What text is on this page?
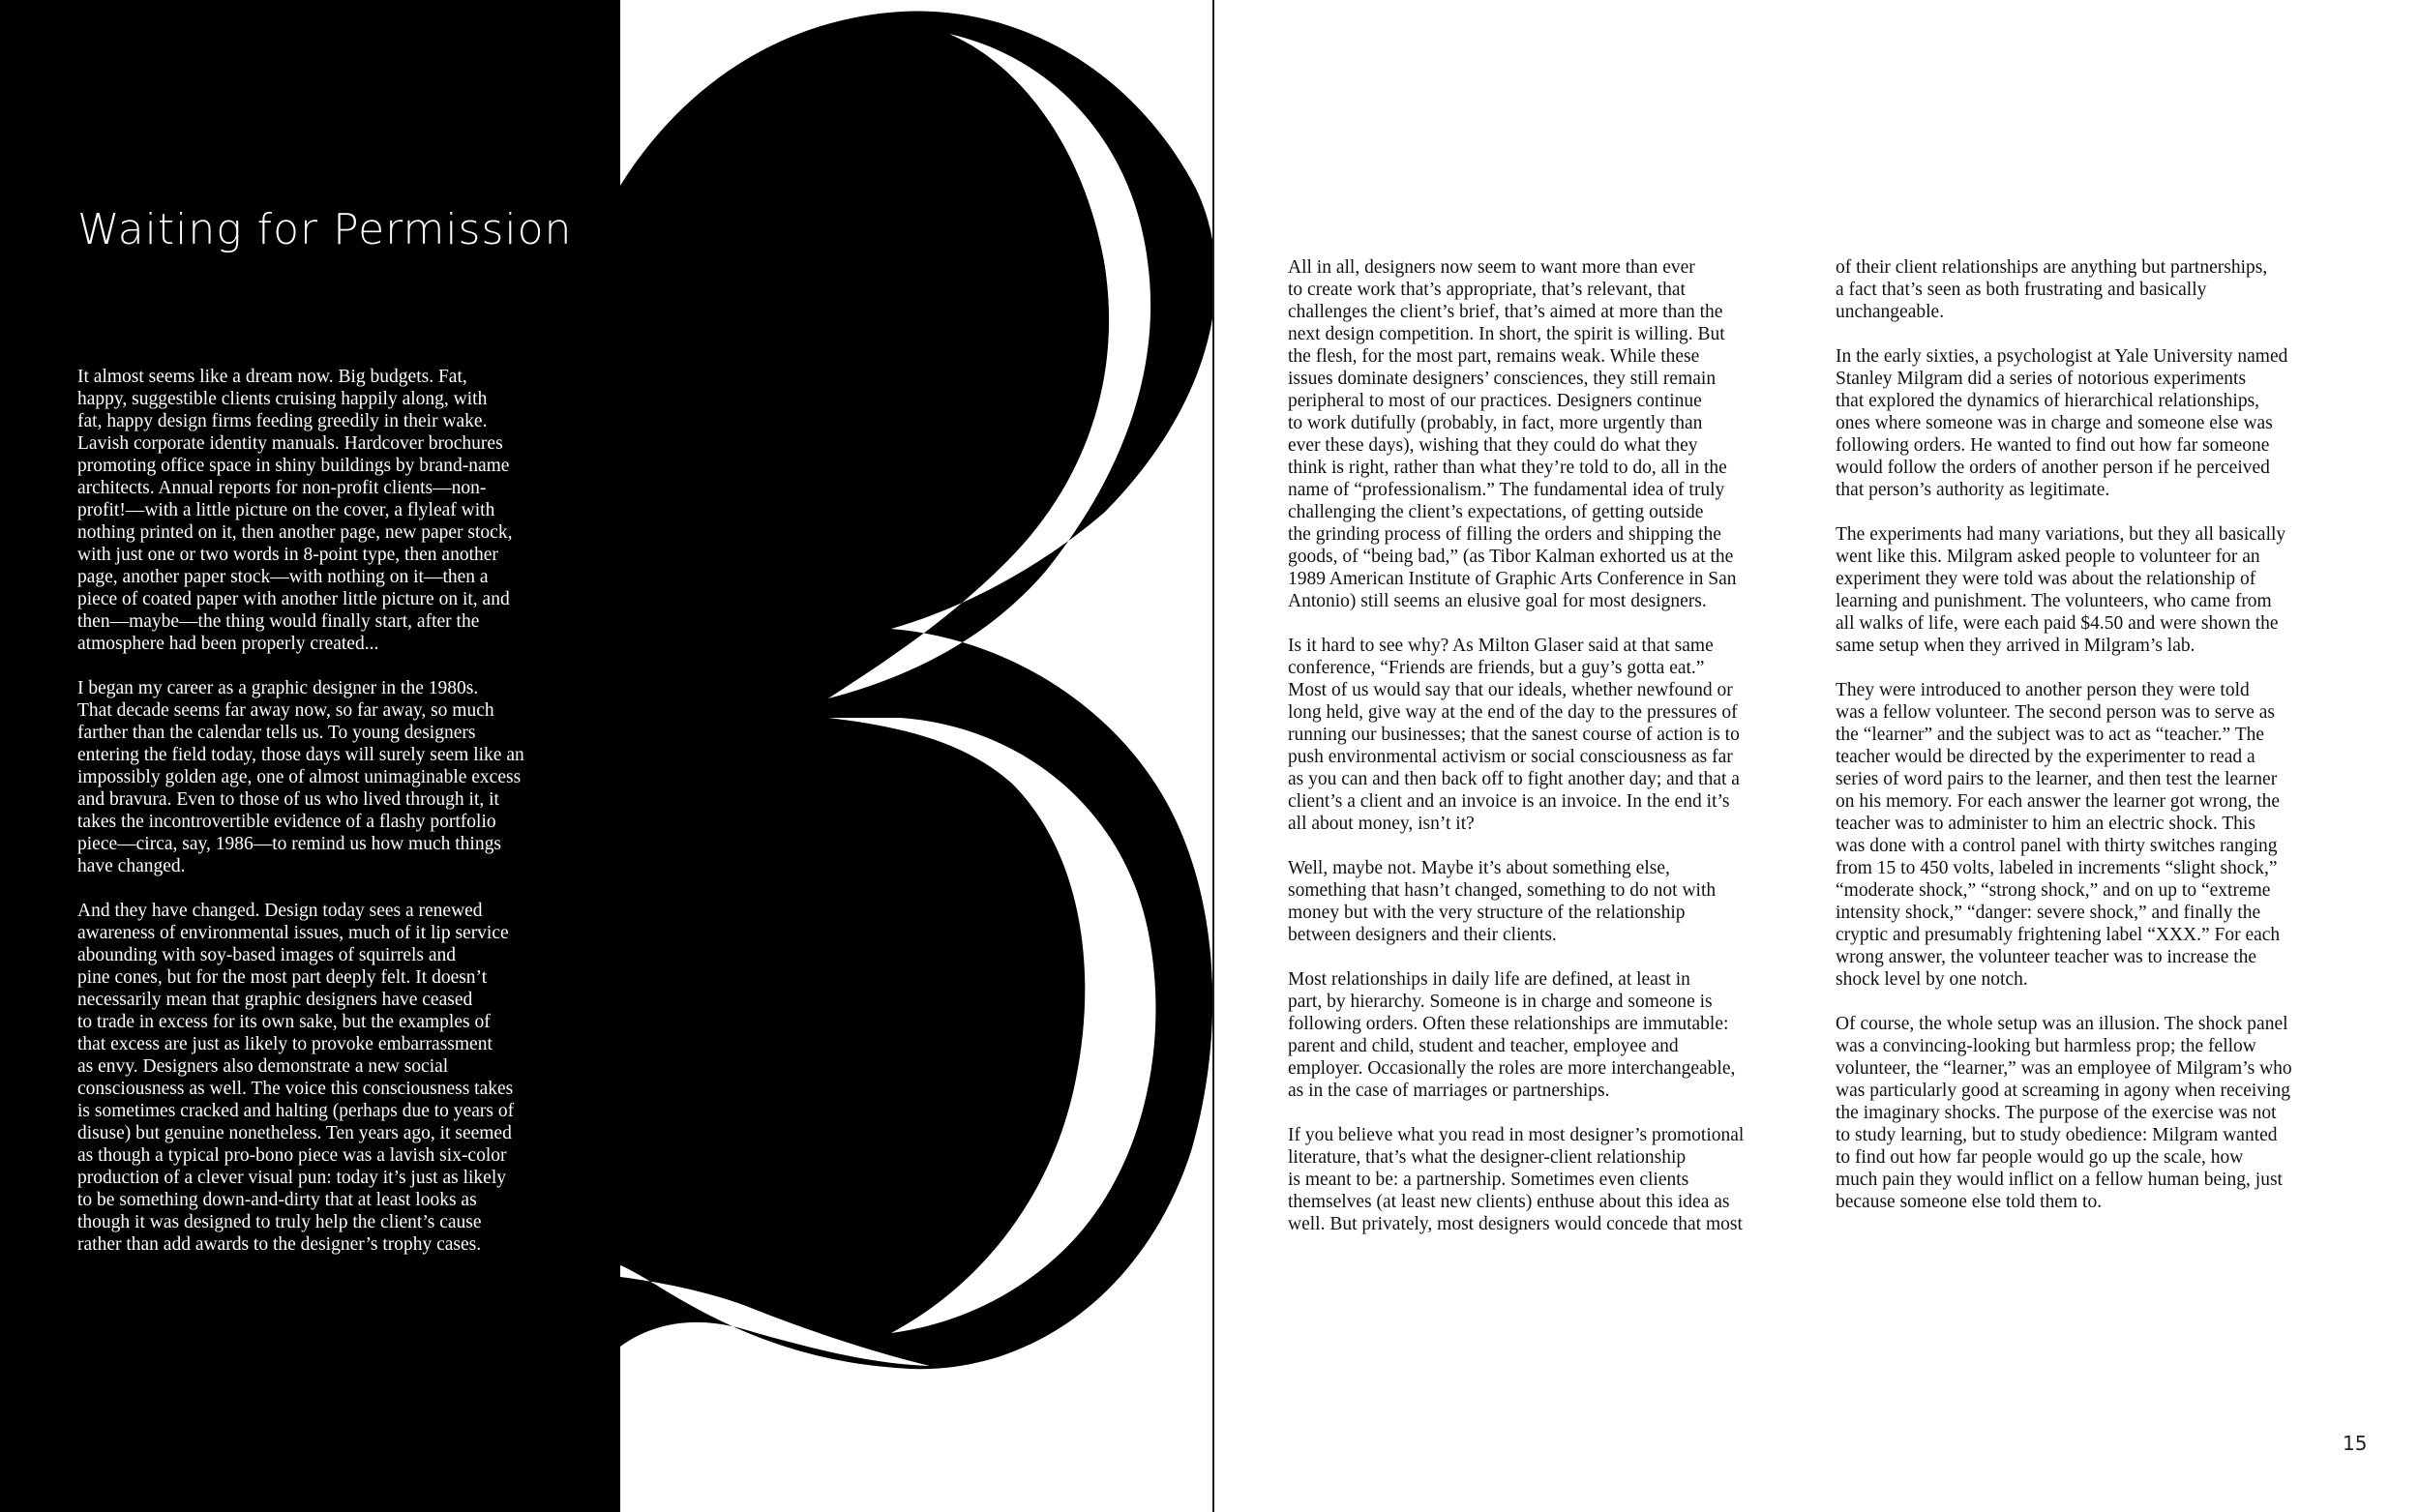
Waiting for Permission

It almost seems like a dream now. Big budgets. Fat,
happy, suggestible clients cruising happily along, with
fat, happy design firms feeding greedily in their wake.
Lavish corporate identity manuals. Hardcover brochures
promoting office space in shiny buildings by brand-name
architects. Annual reports for non-profit clients—non-
profit!—with a little picture on the cover, a flyleaf with
nothing printed on it, then another page, new paper stock,
with just one or two words in 8-point type, then another
page, another paper stock—with nothing on it—then a
piece of coated paper with another little picture on it, and
then—maybe—the thing would finally start, after the
atmosphere had been properly created...

I began my career as a graphic designer in the 1980s.
That decade seems far away now, so far away, so much
farther than the calendar tells us. To young designers
entering the field today, those days will surely seem like an
impossibly golden age, one of almost unimaginable excess
and bravura. Even to those of us who lived through it, it
takes the incontrovertible evidence of a flashy portfolio
piece—circa, say, 1986—to remind us how much things
have changed.

And they have changed. Design today sees a renewed
awareness of environmental issues, much of it lip service
abounding with soy-based images of squirrels and
pine cones, but for the most part deeply felt. It doesn’t
necessarily mean that graphic designers have ceased
to trade in excess for its own sake, but the examples of
that excess are just as likely to provoke embarrassment
as envy. Designers also demonstrate a new social
consciousness as well. The voice this consciousness takes
is sometimes cracked and halting (perhaps due to years of
disuse) but genuine nonetheless. Ten years ago, it seemed
as though a typical pro-bono piece was a lavish six-color
production of a clever visual pun: today it’s just as likely
to be something down-and-dirty that at least looks as
though it was designed to truly help the client’s cause
rather than add awards to the designer’s trophy cases.

All in all, designers now seem to want more than ever
to create work that’s appropriate, that’s relevant, that
challenges the client’s brief, that’s aimed at more than the
next design competition. In short, the spirit is willing. But
the flesh, for the most part, remains weak. While these
issues dominate designers’ consciences, they still remain
peripheral to most of our practices. Designers continue
to work dutifully (probably, in fact, more urgently than
ever these days), wishing that they could do what they
think is right, rather than what they’re told to do, all in the
name of “professionalism.” The fundamental idea of truly
challenging the client’s expectations, of getting outside
the grinding process of filling the orders and shipping the
goods, of “being bad,” (as Tibor Kalman exhorted us at the
1989 American Institute of Graphic Arts Conference in San
Antonio) still seems an elusive goal for most designers.

Is it hard to see why? As Milton Glaser said at that same
conference, “Friends are friends, but a guy’s gotta eat.”
Most of us would say that our ideals, whether newfound or
long held, give way at the end of the day to the pressures of
running our businesses; that the sanest course of action is to
push environmental activism or social consciousness as far
as you can and then back off to fight another day; and that a
client’s a client and an invoice is an invoice. In the end it’s
all about money, isn’t it?

Well, maybe not. Maybe it’s about something else,
something that hasn’t changed, something to do not with
money but with the very structure of the relationship
between designers and their clients.

Most relationships in daily life are defined, at least in
part, by hierarchy. Someone is in charge and someone is
following orders. Often these relationships are immutable:
parent and child, student and teacher, employee and
employer. Occasionally the roles are more interchangeable,
as in the case of marriages or partnerships.

If you believe what you read in most designer’s promotional
literature, that’s what the designer-client relationship
is meant to be: a partnership. Sometimes even clients
themselves (at least new clients) enthuse about this idea as
well. But privately, most designers would concede that most

of their client relationships are anything but partnerships,
a fact that’s seen as both frustrating and basically
unchangeable.

In the early sixties, a psychologist at Yale University named
Stanley Milgram did a series of notorious experiments
that explored the dynamics of hierarchical relationships,
ones where someone was in charge and someone else was
following orders. He wanted to find out how far someone
would follow the orders of another person if he perceived
that person’s authority as legitimate.

The experiments had many variations, but they all basically
went like this. Milgram asked people to volunteer for an
experiment they were told was about the relationship of
learning and punishment. The volunteers, who came from
all walks of life, were each paid $4.50 and were shown the
same setup when they arrived in Milgram’s lab.

They were introduced to another person they were told
was a fellow volunteer. The second person was to serve as
the “learner” and the subject was to act as “teacher.” The
teacher would be directed by the experimenter to read a
series of word pairs to the learner, and then test the learner
on his memory. For each answer the learner got wrong, the
teacher was to administer to him an electric shock. This
was done with a control panel with thirty switches ranging
from 15 to 450 volts, labeled in increments “slight shock,”
“moderate shock,” “strong shock,” and on up to “extreme
intensity shock,” “danger: severe shock,” and finally the
cryptic and presumably frightening label “XXX.” For each
wrong answer, the volunteer teacher was to increase the
shock level by one notch.

Of course, the whole setup was an illusion. The shock panel
was a convincing-looking but harmless prop; the fellow
volunteer, the “learner,” was an employee of Milgram’s who
was particularly good at screaming in agony when receiving
the imaginary shocks. The purpose of the exercise was not
to study learning, but to study obedience: Milgram wanted
to find out how far people would go up the scale, how
much pain they would inflict on a fellow human being, just
because someone else told them to.

15
